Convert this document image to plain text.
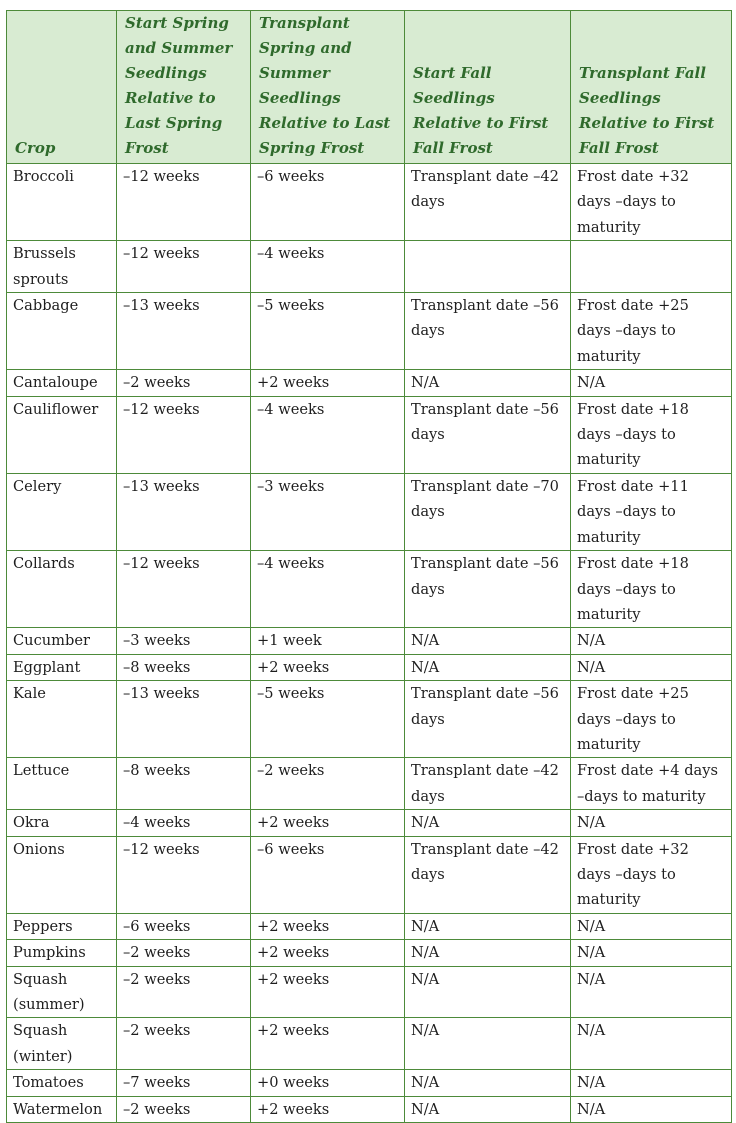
Crop	Start Spring and Summer Seedlings Relative to Last Spring Frost	Transplant Spring and Summer Seedlings Relative to Last Spring Frost	Start Fall Seedlings Relative to First Fall Frost	Transplant Fall Seedlings Relative to First Fall Frost
Broccoli	–12 weeks	–6 weeks	Transplant date –42 days	Frost date +32 days –days to maturity
Brussels sprouts	–12 weeks	–4 weeks		
Cabbage	–13 weeks	–5 weeks	Transplant date –56 days	Frost date +25 days –days to maturity
Cantaloupe	–2 weeks	+2 weeks	N/A	N/A
Cauliflower	–12 weeks	–4 weeks	Transplant date –56 days	Frost date +18 days –days to maturity
Celery	–13 weeks	–3 weeks	Transplant date –70 days	Frost date +11 days –days to maturity
Collards	–12 weeks	–4 weeks	Transplant date –56 days	Frost date +18 days –days to maturity
Cucumber	–3 weeks	+1 week	N/A	N/A
Eggplant	–8 weeks	+2 weeks	N/A	N/A
Kale	–13 weeks	–5 weeks	Transplant date –56 days	Frost date +25 days –days to maturity
Lettuce	–8 weeks	–2 weeks	Transplant date –42 days	Frost date +4 days –days to maturity
Okra	–4 weeks	+2 weeks	N/A	N/A
Onions	–12 weeks	–6 weeks	Transplant date –42 days	Frost date +32 days –days to maturity
Peppers	–6 weeks	+2 weeks	N/A	N/A
Pumpkins	–2 weeks	+2 weeks	N/A	N/A
Squash (summer)	–2 weeks	+2 weeks	N/A	N/A
Squash (winter)	–2 weeks	+2 weeks	N/A	N/A
Tomatoes	–7 weeks	+0 weeks	N/A	N/A
Watermelon	–2 weeks	+2 weeks	N/A	N/A
